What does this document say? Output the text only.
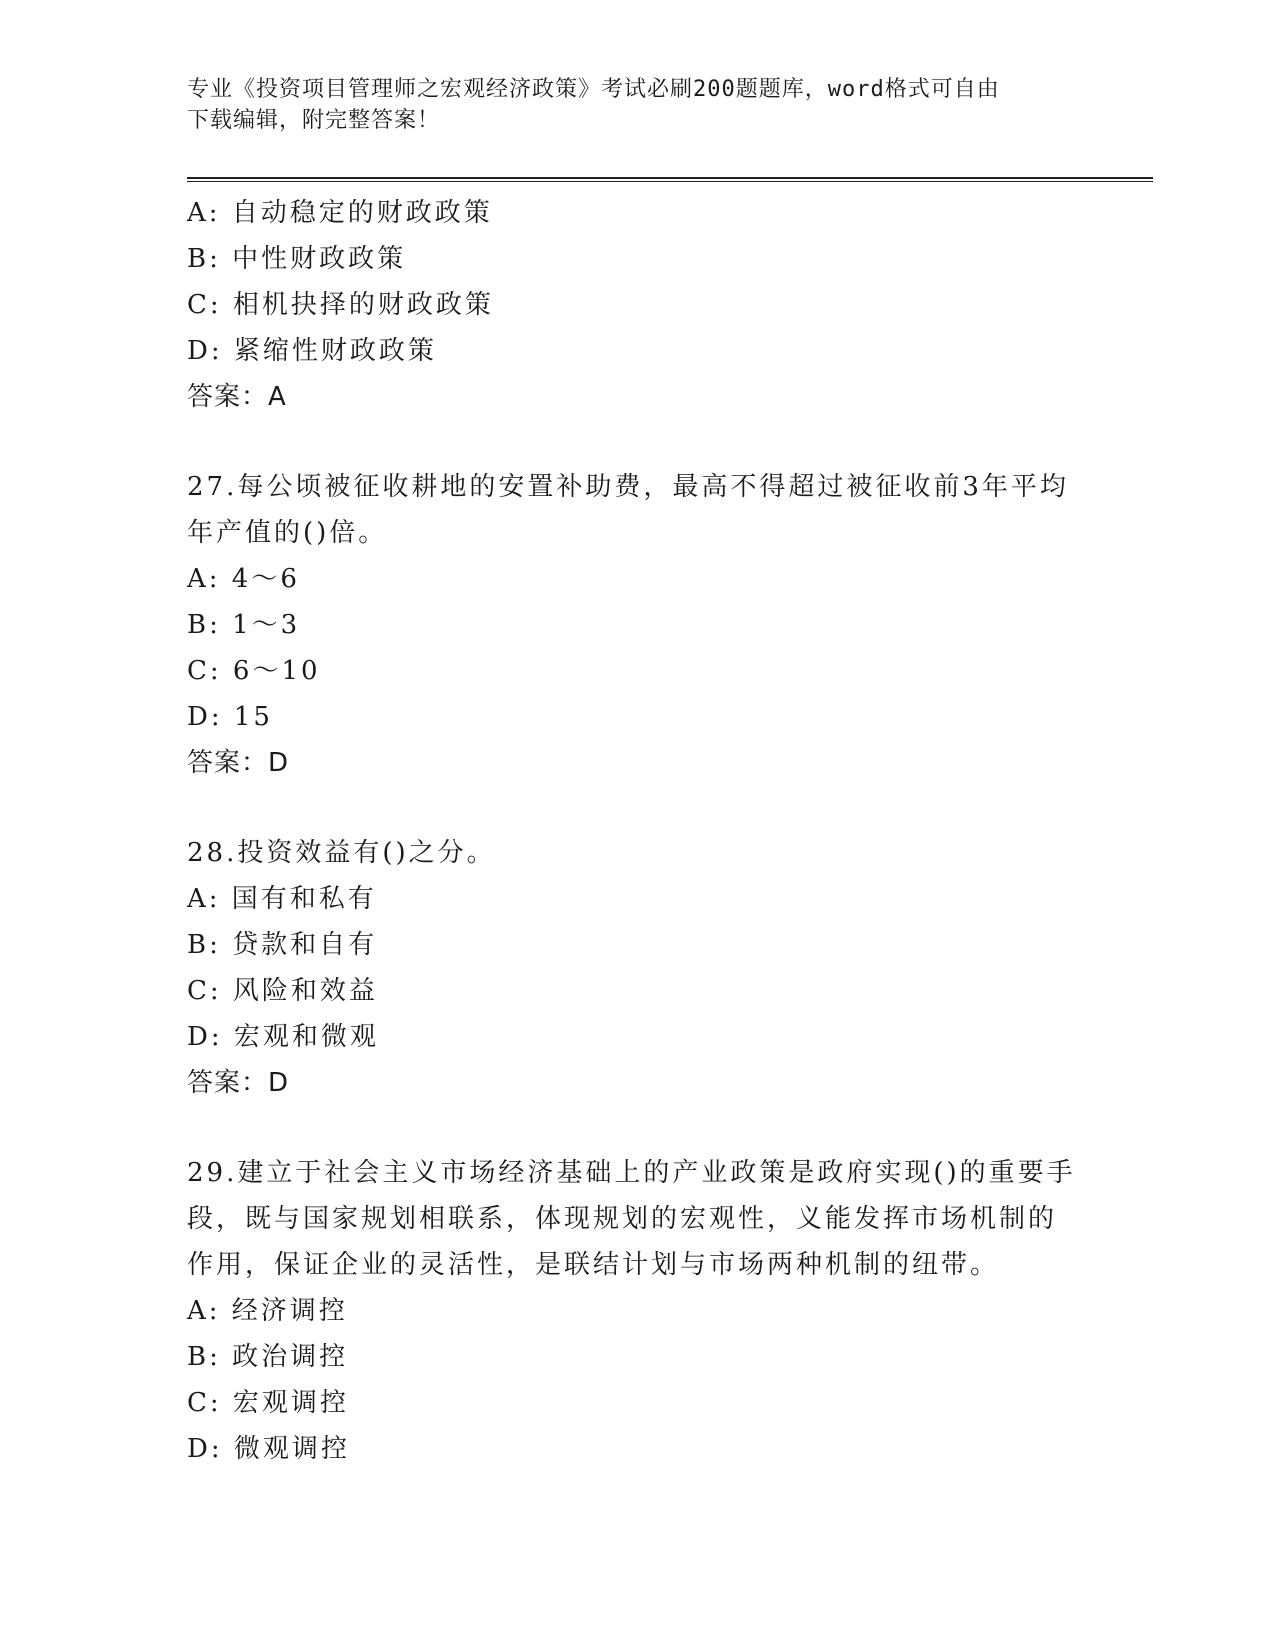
专业《投资项目管理师之宏观经济政策》考试必刷200题题库，word格式可自由
下载编辑，附完整答案！
A: 自动稳定的财政政策
B: 中性财政政策
C: 相机抉择的财政政策
D: 紧缩性财政政策
答案：A
27.每公顷被征收耕地的安置补助费，最高不得超过被征收前3年平均
年产值的()倍。
A: 4～6
B: 1～3
C: 6～10
D: 15
答案：D
28.投资效益有()之分。
A: 国有和私有
B: 贷款和自有
C: 风险和效益
D: 宏观和微观
答案：D
29.建立于社会主义市场经济基础上的产业政策是政府实现()的重要手
段，既与国家规划相联系，体现规划的宏观性，义能发挥市场机制的
作用，保证企业的灵活性，是联结计划与市场两种机制的纽带。
A: 经济调控
B: 政治调控
C: 宏观调控
D: 微观调控
